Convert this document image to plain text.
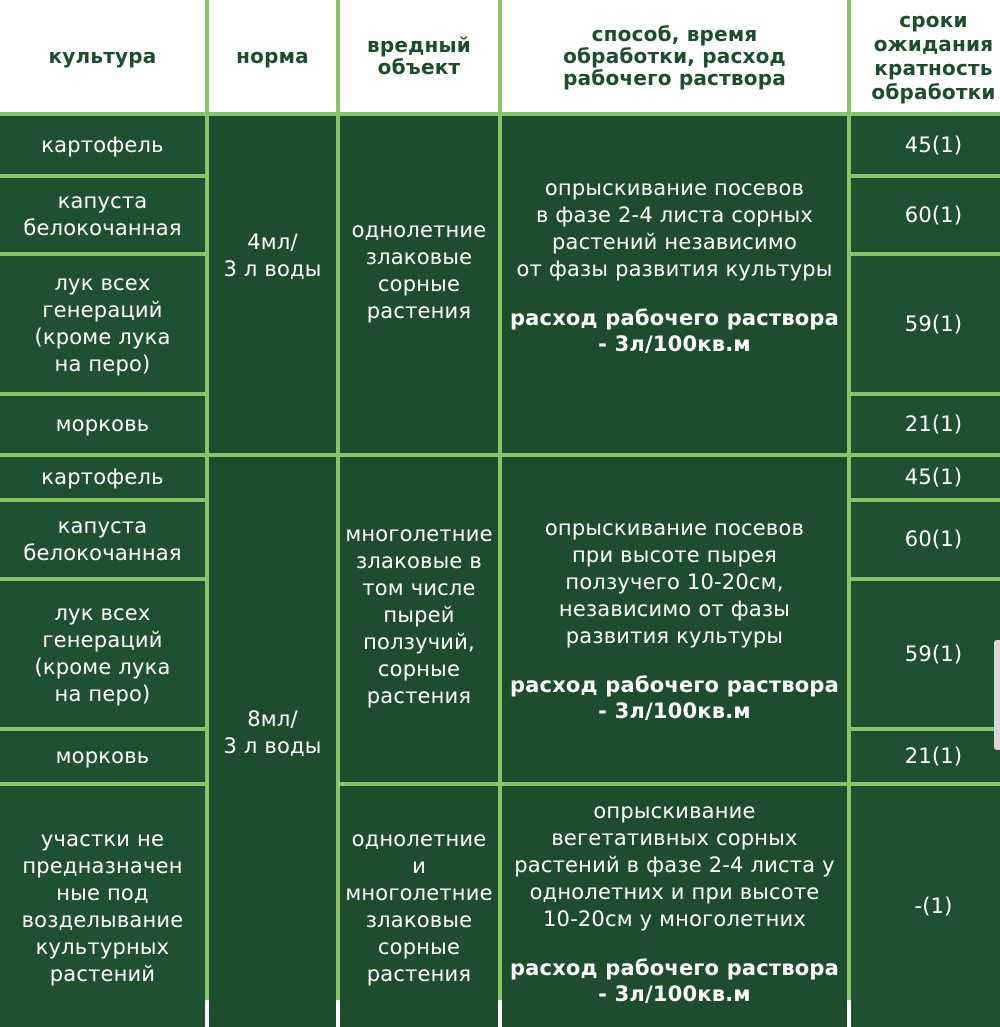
культура	норма	вредный
объект
способ, время
обработки, расход
рабочего раствора
сроки
ожидания
кратность
обработки
картофель
капуста
белокочанная
лук всех
генераций
(кроме лука
на перо)
морковь
4мл/
3 л воды
однолетние
злаковые
сорные
растения
опрыскивание посевов
в фазе 2-4 листа сорных
растений независимо
от фазы развития культуры
расход рабочего раствора
- 3л/100кв.м
45(1)
60(1)
59(1)
21(1)
картофель
капуста
белокочанная
лук всех
генераций
(кроме лука
на перо)
морковь
8мл/
3 л воды
многолетние
злаковые в
том числе
пырей
ползучий,
сорные
растения
опрыскивание посевов
при высоте пырея
ползучего 10-20см,
независимо от фазы
развития культуры
расход рабочего раствора
- 3л/100кв.м
45(1)
60(1)
59(1)
21(1)
участки не
предназначен
ные под
возделывание
культурных
растений
однолетние
и
многолетние
злаковые
сорные
растения
опрыскивание
вегетативных сорных
растений в фазе 2-4 листа у
однолетних и при высоте
10-20см у многолетних
расход рабочего раствора
- 3л/100кв.м
-(1)
